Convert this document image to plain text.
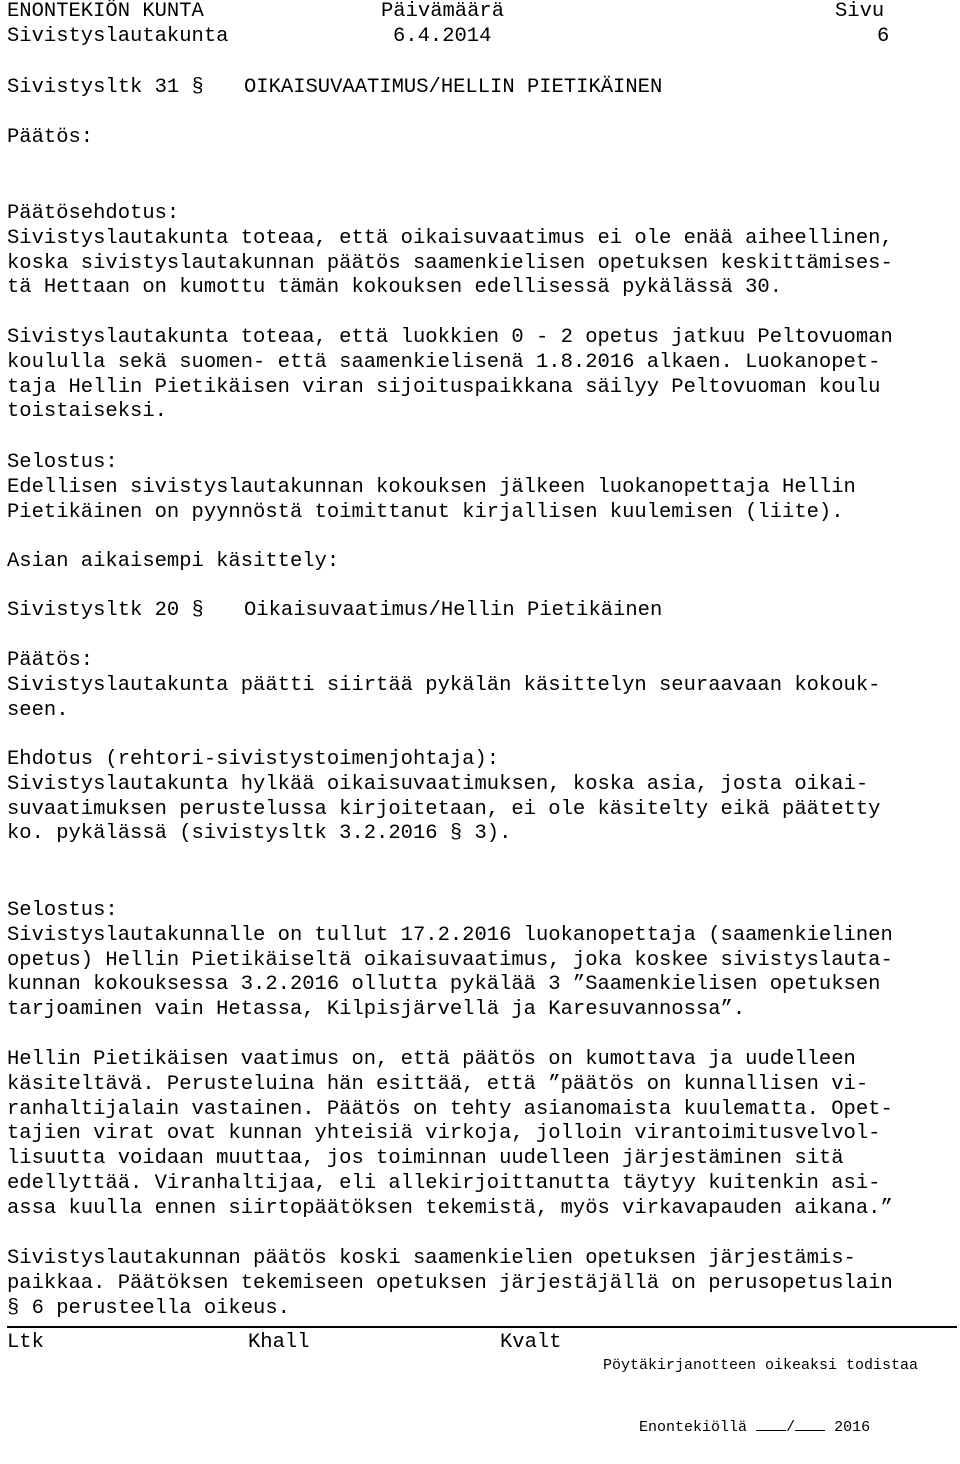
ENONTEKIÖN KUNTA	Päivämäärä	Sivu
Sivistyslautakunta	6.4.2014	6
Sivistysltk 31 § OIKAISUVAATIMUS/HELLIN PIETIKÄINEN
Päätös:
Päätösehdotus:
Sivistyslautakunta toteaa, että oikaisuvaatimus ei ole enää aiheellinen,
koska sivistyslautakunnan päätös saamenkielisen opetuksen keskittämises-
tä Hettaan on kumottu tämän kokouksen edellisessä pykälässä 30.
Sivistyslautakunta toteaa, että luokkien 0 - 2 opetus jatkuu Peltovuoman
koululla sekä suomen- että saamenkielisenä 1.8.2016 alkaen. Luokanopet-
taja Hellin Pietikäisen viran sijoituspaikkana säilyy Peltovuoman koulu
toistaiseksi.
Selostus:
Edellisen sivistyslautakunnan kokouksen jälkeen luokanopettaja Hellin
Pietikäinen on pyynnöstä toimittanut kirjallisen kuulemisen (liite).
Asian aikaisempi käsittely:
Sivistysltk 20 § Oikaisuvaatimus/Hellin Pietikäinen
Päätös:
Sivistyslautakunta päätti siirtää pykälän käsittelyn seuraavaan kokouk-
seen.
Ehdotus (rehtori-sivistystoimenjohtaja):
Sivistyslautakunta hylkää oikaisuvaatimuksen, koska asia, josta oikai-
suvaatimuksen perustelussa kirjoitetaan, ei ole käsitelty eikä päätetty
ko. pykälässä (sivistysltk 3.2.2016 § 3).
Selostus:
Sivistyslautakunnalle on tullut 17.2.2016 luokanopettaja (saamenkielinen
opetus) Hellin Pietikäiseltä oikaisuvaatimus, joka koskee sivistyslauta-
kunnan kokouksessa 3.2.2016 ollutta pykälää 3 ”Saamenkielisen opetuksen
tarjoaminen vain Hetassa, Kilpisjärvellä ja Karesuvannossa”.
Hellin Pietikäisen vaatimus on, että päätös on kumottava ja uudelleen
käsiteltävä. Perusteluina hän esittää, että ”päätös on kunnallisen vi-
ranhaltijalain vastainen. Päätös on tehty asianomaista kuulematta. Opet-
tajien virat ovat kunnan yhteisiä virkoja, jolloin virantoimitusvelvol-
lisuutta voidaan muuttaa, jos toiminnan uudelleen järjestäminen sitä
edellyttää. Viranhaltijaa, eli allekirjoittanutta täytyy kuitenkin asi-
assa kuulla ennen siirtopäätöksen tekemistä, myös virkavapauden aikana.”
Sivistyslautakunnan päätös koski saamenkielien opetuksen järjestämis-
paikkaa. Päätöksen tekemiseen opetuksen järjestäjällä on perusopetuslain
§ 6 perusteella oikeus.
Ltk	Khall	Kvalt
Pöytäkirjanotteen oikeaksi todistaa

Enontekiöllä	/	2016
